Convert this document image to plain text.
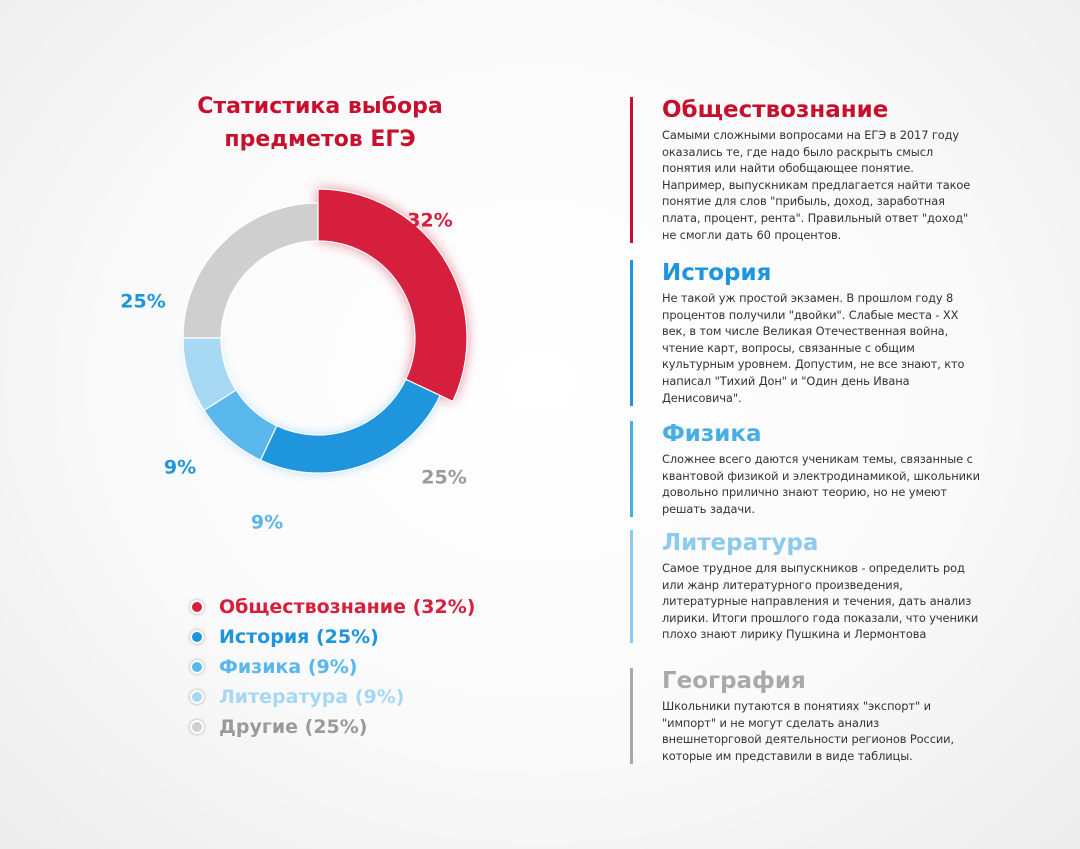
Статистика выбора
предметов ЕГЭ
32%
25%
9%
9%
25%
Обществознание (32%)
История (25%)
Физика (9%)
Литература (9%)
Другие (25%)
Обществознание
Самыми сложными вопросами на ЕГЭ в 2017 году оказались те, где надо было раскрыть смысл понятия или найти обобщающее понятие. Например, выпускникам предлагается найти такое понятие для слов "прибыль, доход, заработная плата, процент, рента". Правильный ответ "доход" не смогли дать 60 процентов.
История
Не такой уж простой экзамен. В прошлом году 8 процентов получили "двойки". Слабые места - XX век, в том числе Великая Отечественная война, чтение карт, вопросы, связанные с общим культурным уровнем. Допустим, не все знают, кто написал "Тихий Дон" и "Один день Ивана Денисовича".
Физика
Сложнее всего даются ученикам темы, связанные с квантовой физикой и электродинамикой, школьники довольно прилично знают теорию, но не умеют решать задачи.
Литература
Самое трудное для выпускников - определить род или жанр литературного произведения, литературные направления и течения, дать анализ лирики. Итоги прошлого года показали, что ученики плохо знают лирику Пушкина и Лермонтова
География
Школьники путаются в понятиях "экспорт" и "импорт" и не могут сделать анализ внешнеторговой деятельности регионов России, которые им представили в виде таблицы.
